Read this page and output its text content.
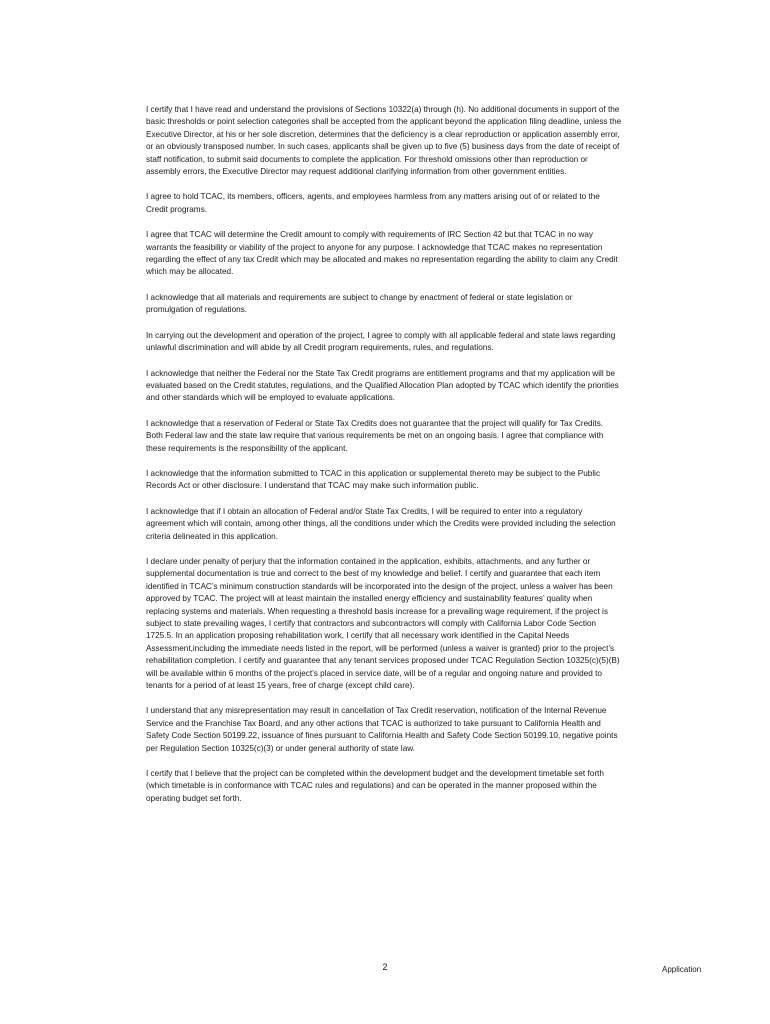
I certify that I have read and understand the provisions of Sections 10322(a) through (h). No additional documents in support of the basic thresholds or point selection categories shall be accepted from the applicant beyond the application filing deadline, unless the Executive Director, at his or her sole discretion, determines that the deficiency is a clear reproduction or application assembly error, or an obviously transposed number. In such cases, applicants shall be given up to five (5) business days from the date of receipt of staff notification, to submit said documents to complete the application. For threshold omissions other than reproduction or assembly errors, the Executive Director may request additional clarifying information from other government entities.

I agree to hold TCAC, its members, officers, agents, and employees harmless from any matters arising out of or related to the Credit programs.

I agree that TCAC will determine the Credit amount to comply with requirements of IRC Section 42 but that TCAC in no way warrants the feasibility or viability of the project to anyone for any purpose. I acknowledge that TCAC makes no representation regarding the effect of any tax Credit which may be allocated and makes no representation regarding the ability to claim any Credit which may be allocated.

I acknowledge that all materials and requirements are subject to change by enactment of federal or state legislation or promulgation of regulations.

In carrying out the development and operation of the project, I agree to comply with all applicable federal and state laws regarding unlawful discrimination and will abide by all Credit program requirements, rules, and regulations.

I acknowledge that neither the Federal nor the State Tax Credit programs are entitlement programs and that my application will be evaluated based on the Credit statutes, regulations, and the Qualified Allocation Plan adopted by TCAC which identify the priorities and other standards which will be employed to evaluate applications.

I acknowledge that a reservation of Federal or State Tax Credits does not guarantee that the project will qualify for Tax Credits. Both Federal law and the state law require that various requirements be met on an ongoing basis. I agree that compliance with these requirements is the responsibility of the applicant.

I acknowledge that the information submitted to TCAC in this application or supplemental thereto may be subject to the Public Records Act or other disclosure. I understand that TCAC may make such information public.

I acknowledge that if I obtain an allocation of Federal and/or State Tax Credits, I will be required to enter into a regulatory agreement which will contain, among other things, all the conditions under which the Credits were provided including the selection criteria delineated in this application.

I declare under penalty of perjury that the information contained in the application, exhibits, attachments, and any further or supplemental documentation is true and correct to the best of my knowledge and belief. I certify and guarantee that each item identified in TCAC’s minimum construction standards will be incorporated into the design of the project, unless a waiver has been approved by TCAC. The project will at least maintain the installed energy efficiency and sustainability features’ quality when replacing systems and materials. When requesting a threshold basis increase for a prevailing wage requirement, if the project is subject to state prevailing wages, I certify that contractors and subcontractors will comply with California Labor Code Section 1725.5. In an application proposing rehabilitation work, I certify that all necessary work identified in the Capital Needs Assessment,including the immediate needs listed in the report, will be performed (unless a waiver is granted) prior to the project’s rehabilitation completion. I certify and guarantee that any tenant services proposed under TCAC Regulation Section 10325(c)(5)(B) will be available within 6 months of the project’s placed in service date, will be of a regular and ongoing nature and provided to tenants for a period of at least 15 years, free of charge (except child care).

I understand that any misrepresentation may result in cancellation of Tax Credit reservation, notification of the Internal Revenue Service and the Franchise Tax Board, and any other actions that TCAC is authorized to take pursuant to California Health and Safety Code Section 50199.22, issuance of fines pursuant to California Health and Safety Code Section 50199.10, negative points per Regulation Section 10325(c)(3) or under general authority of state law.

I certify that I believe that the project can be completed within the development budget and the development timetable set forth (which timetable is in conformance with TCAC rules and regulations) and can be operated in the manner proposed within the operating budget set forth.

2	Application
